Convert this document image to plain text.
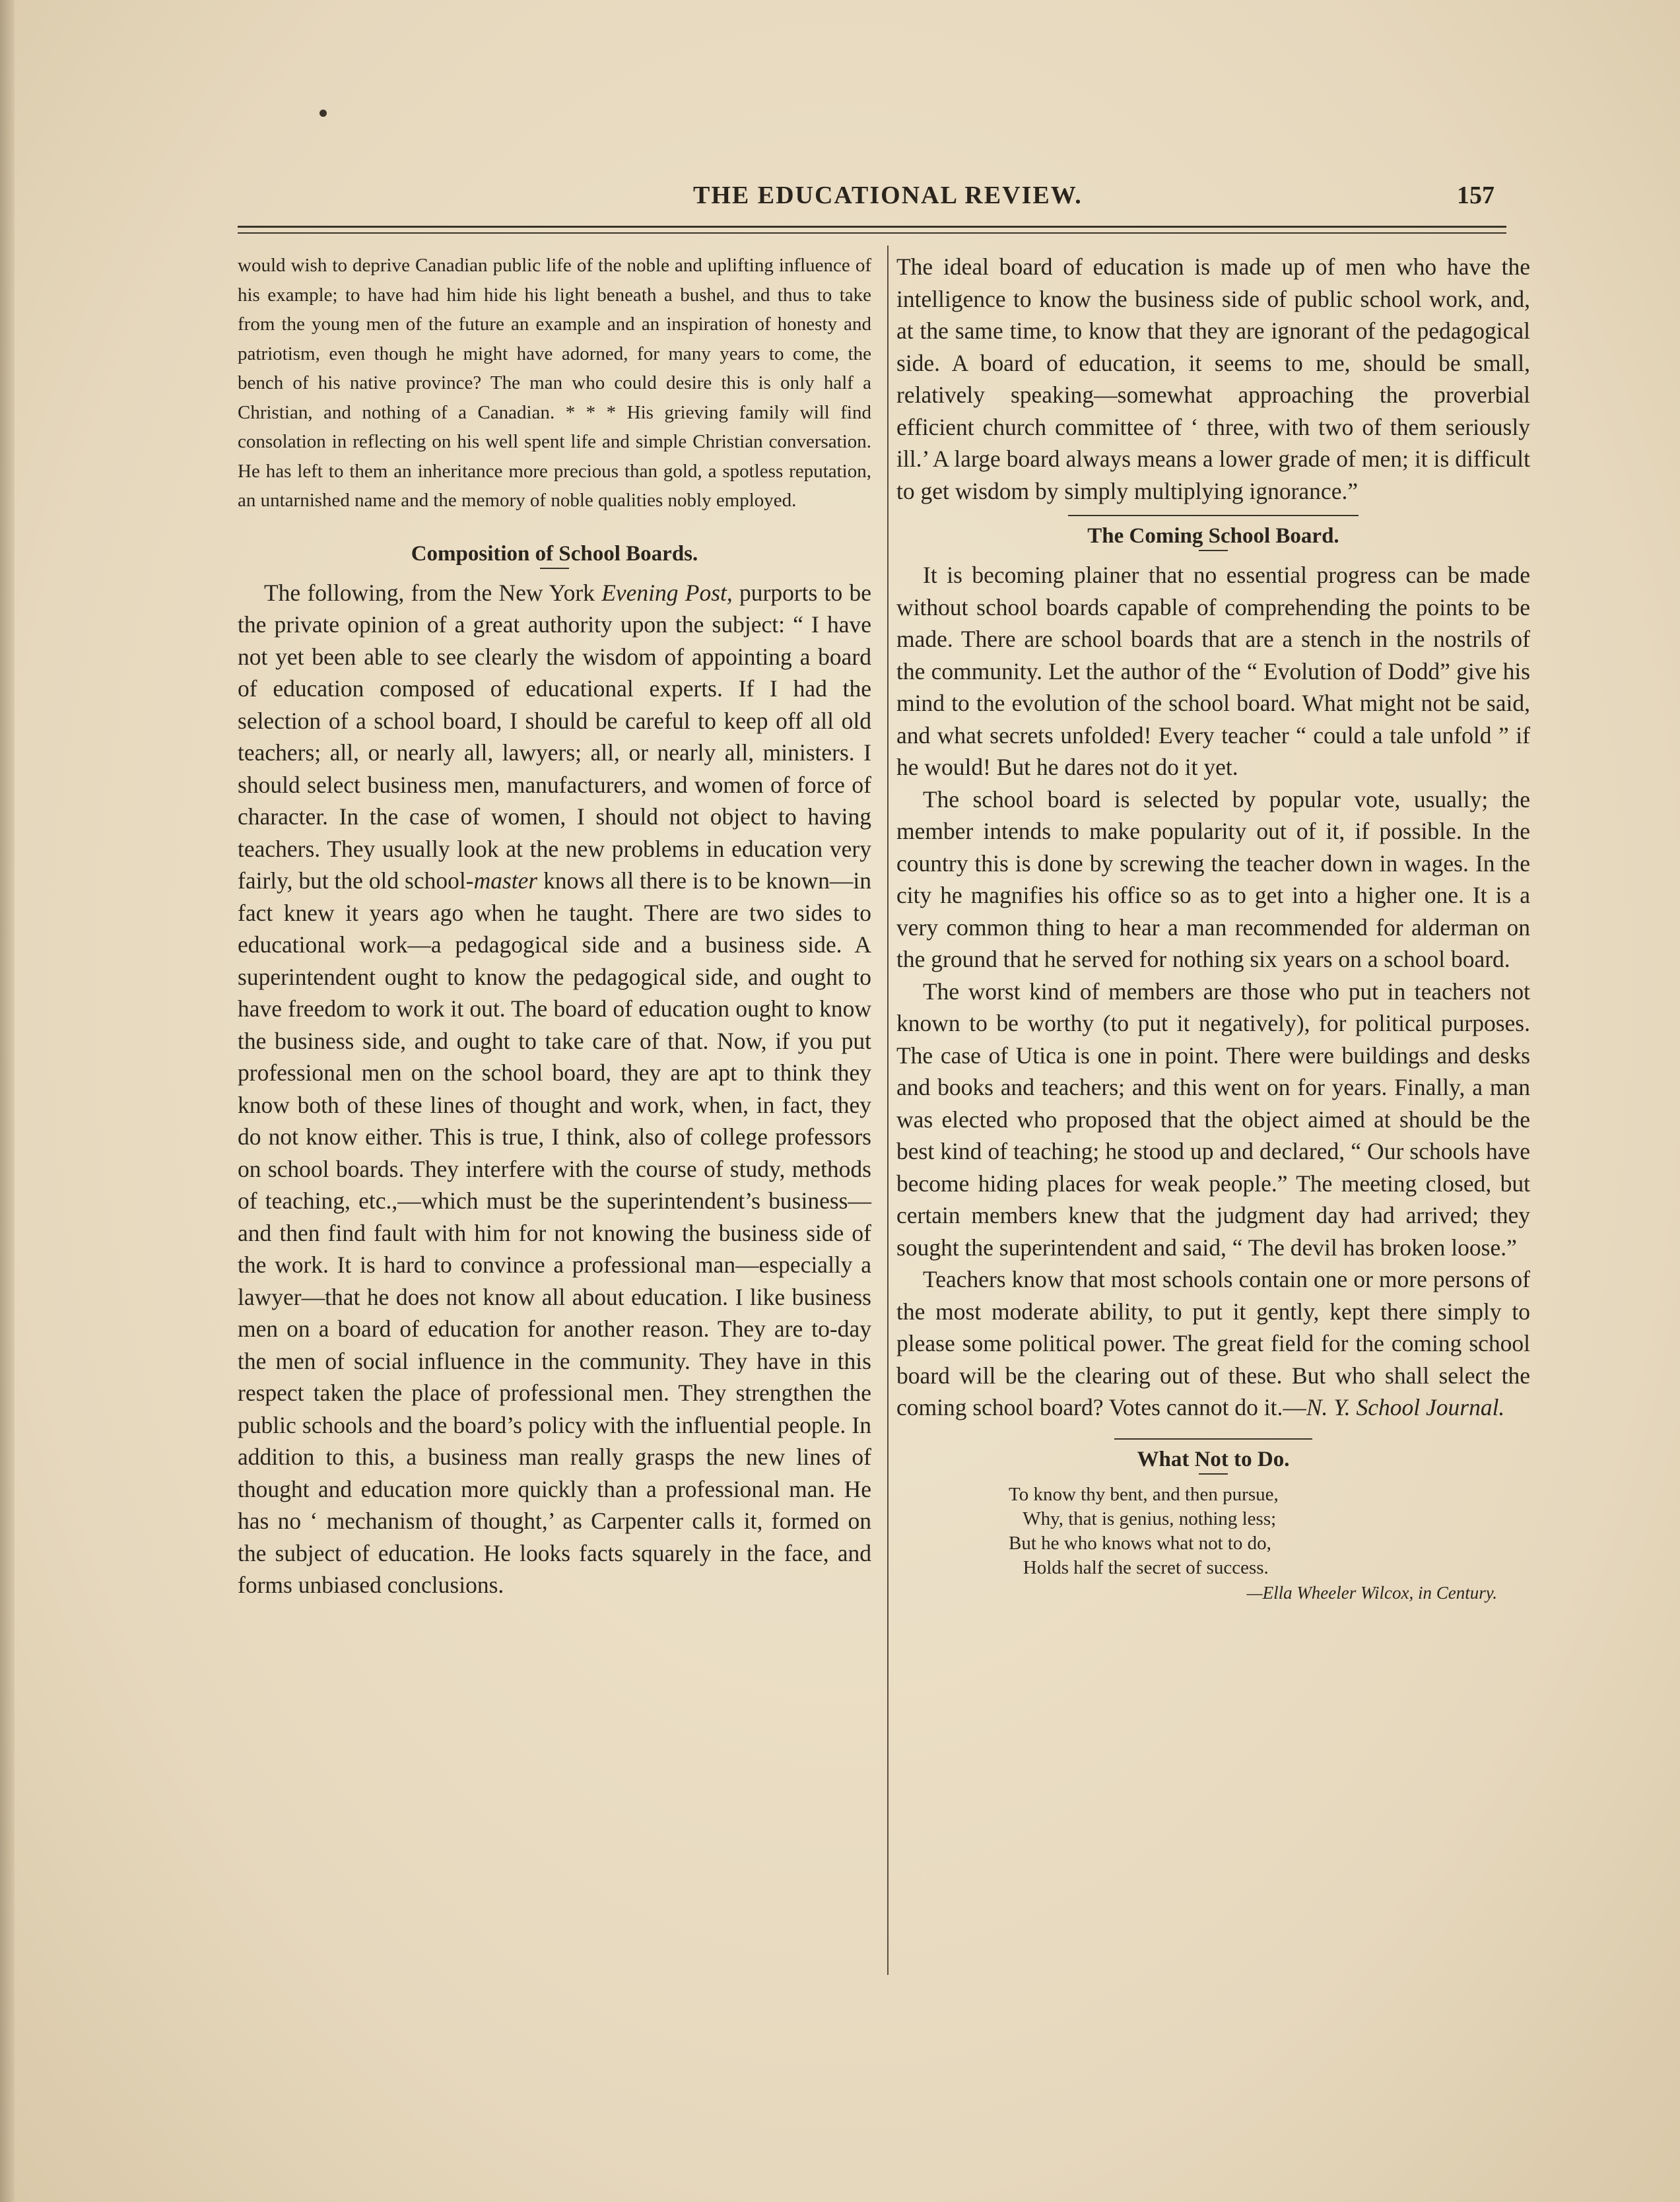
THE EDUCATIONAL REVIEW.	157

would wish to deprive Canadian public life of the noble and uplifting influence of his example; to have had him hide his light beneath a bushel, and thus to take from the young men of the future an example and an inspiration of honesty and patriotism, even though he might have adorned, for many years to come, the bench of his native province? The man who could desire this is only half a Christian, and nothing of a Canadian. * * * His grieving family will find consolation in reflecting on his well spent life and simple Christian conversation. He has left to them an inheritance more precious than gold, a spotless reputation, an untarnished name and the memory of noble qualities nobly employed.

Composition of School Boards.

The following, from the New York Evening Post, purports to be the private opinion of a great authority upon the subject: “ I have not yet been able to see clearly the wisdom of appointing a board of education composed of educational experts. If I had the selection of a school board, I should be careful to keep off all old teachers; all, or nearly all, lawyers; all, or nearly all, ministers. I should select business men, manufacturers, and women of force of character. In the case of women, I should not object to having teachers. They usually look at the new problems in education very fairly, but the old school-master knows all there is to be known—in fact knew it years ago when he taught. There are two sides to educational work—a pedagogical side and a business side. A superintendent ought to know the pedagogical side, and ought to have freedom to work it out. The board of education ought to know the business side, and ought to take care of that. Now, if you put professional men on the school board, they are apt to think they know both of these lines of thought and work, when, in fact, they do not know either. This is true, I think, also of college professors on school boards. They interfere with the course of study, methods of teaching, etc.,—which must be the superintendent’s business—and then find fault with him for not knowing the business side of the work. It is hard to convince a professional man—especially a lawyer—that he does not know all about education. I like business men on a board of education for another reason. They are to-day the men of social influence in the community. They have in this respect taken the place of professional men. They strengthen the public schools and the board’s policy with the influential people. In addition to this, a business man really grasps the new lines of thought and education more quickly than a professional man. He has no ‘ mechanism of thought,’ as Carpenter calls it, formed on the subject of education. He looks facts squarely in the face, and forms unbiased conclusions.

The ideal board of education is made up of men who have the intelligence to know the business side of public school work, and, at the same time, to know that they are ignorant of the pedagogical side. A board of education, it seems to me, should be small, relatively speaking—somewhat approaching the proverbial efficient church committee of ‘ three, with two of them seriously ill.’ A large board always means a lower grade of men; it is difficult to get wisdom by simply multiplying ignorance.”

The Coming School Board.

It is becoming plainer that no essential progress can be made without school boards capable of comprehending the points to be made. There are school boards that are a stench in the nostrils of the community. Let the author of the “ Evolution of Dodd” give his mind to the evolution of the school board. What might not be said, and what secrets unfolded! Every teacher “ could a tale unfold ” if he would! But he dares not do it yet.

The school board is selected by popular vote, usually; the member intends to make popularity out of it, if possible. In the country this is done by screwing the teacher down in wages. In the city he magnifies his office so as to get into a higher one. It is a very common thing to hear a man recommended for alderman on the ground that he served for nothing six years on a school board.

The worst kind of members are those who put in teachers not known to be worthy (to put it negatively), for political purposes. The case of Utica is one in point. There were buildings and desks and books and teachers; and this went on for years. Finally, a man was elected who proposed that the object aimed at should be the best kind of teaching; he stood up and declared, “ Our schools have become hiding places for weak people.” The meeting closed, but certain members knew that the judgment day had arrived; they sought the superintendent and said, “ The devil has broken loose.”

Teachers know that most schools contain one or more persons of the most moderate ability, to put it gently, kept there simply to please some political power. The great field for the coming school board will be the clearing out of these. But who shall select the coming school board? Votes cannot do it.—N. Y. School Journal.

What Not to Do.
To know thy bent, and then pursue,
Why, that is genius, nothing less;
But he who knows what not to do,
Holds half the secret of success.
—Ella Wheeler Wilcox, in Century.
